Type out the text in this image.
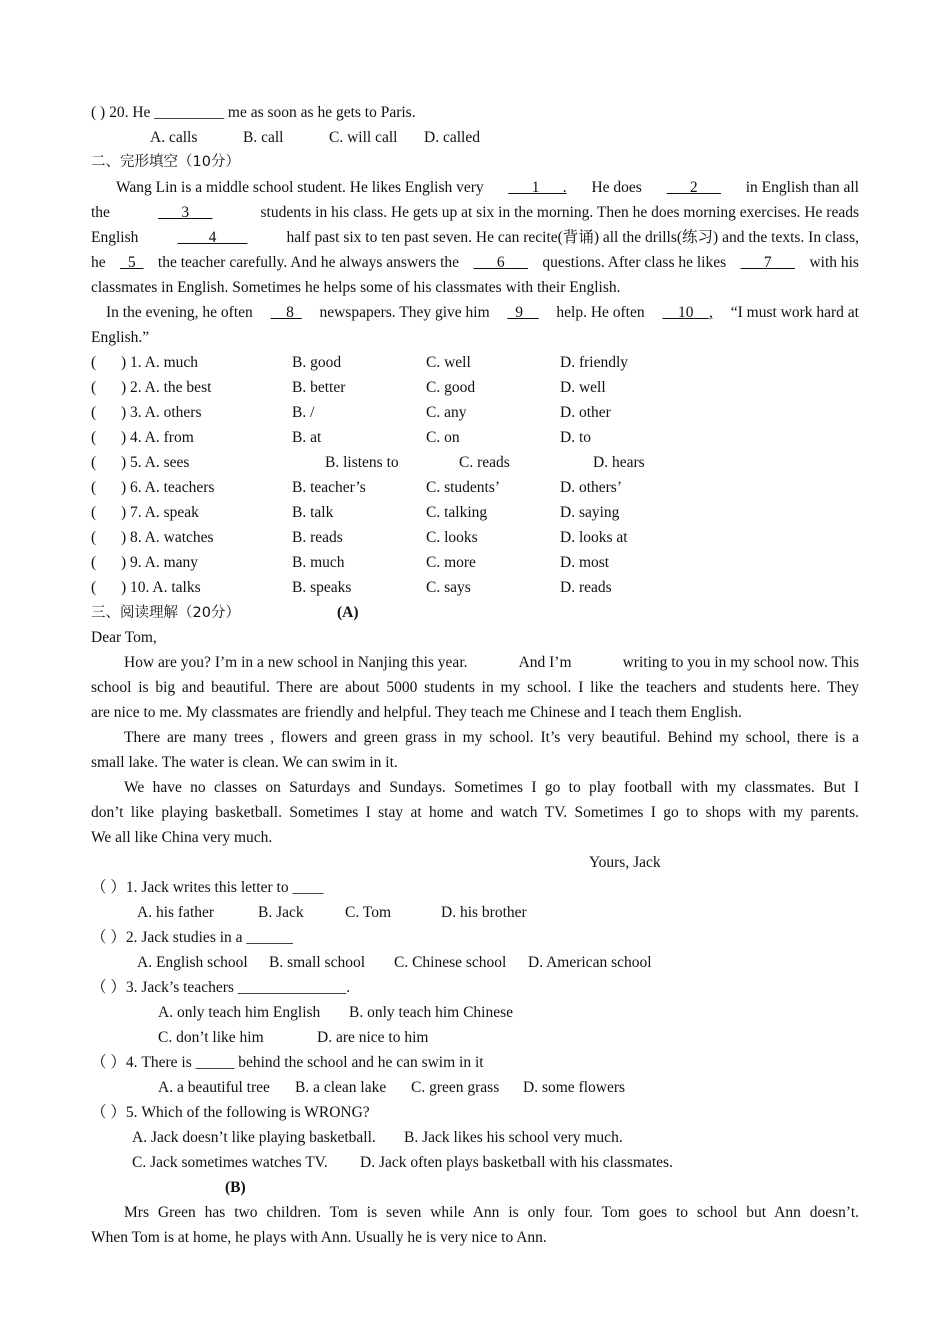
( ) 20. He _________ me as soon as he gets to Paris.
A. calls	B. call	C. will call D. called
二、完形填空（10分）
Wang Lin is a middle school student. He likes English very ___1___. He does ___2___ in English than all
the	___3___	students in his class. He gets up at six in the morning. Then he does morning exercises. He reads
English	____4____	half past six to ten past seven. He can recite(背诵) all the drills(练习) and the texts. In class,
he _5_ the teacher carefully. And he always answers the ___6___ questions. After class he likes ___7___ with his
classmates in English. Sometimes he helps some of his classmates with their English.
In the evening, he often __8_ newspapers. They give him _9__ help. He often __10__, “I must work hard at
English.”
( ) 1. A. much	B. good	C. well	D. friendly
( ) 2. A. the best	B. better	C. good	D. well
( ) 3. A. others	B. /	C. any	D. other
( ) 4. A. from	B. at	C. on	D. to
( ) 5. A. sees	B. listens to	C. reads	D. hears
( ) 6. A. teachers	B. teacher’s	C. students’	D. others’
( ) 7. A. speak	B. talk	C. talking	D. saying
( ) 8. A. watches	B. reads	C. looks	D. looks at
( ) 9. A. many	B. much	C. more	D. most
( ) 10. A. talks	B. speaks	C. says	D. reads
三、阅读理解（20分）	(A)
Dear Tom,
How are you? I’m in a new school in Nanjing this year.	And I’m	writing to you in my school now. This
school is big and beautiful. There are about 5000 students in my school. I like the teachers and students here. They
are nice to me. My classmates are friendly and helpful. They teach me Chinese and I teach them English.
There are many trees , flowers and green grass in my school. It’s very beautiful. Behind my school, there is a
small lake. The water is clean. We can swim in it.
We have no classes on Saturdays and Sundays. Sometimes I go to play football with my classmates. But I
don’t like playing basketball. Sometimes I stay at home and watch TV. Sometimes I go to shops with my parents.
We all like China very much.
Yours, Jack
（ ）1. Jack writes this letter to ____
A. his father	B. Jack	C. Tom	D. his brother
（ ）2. Jack studies in a ______
A. English school B. small school C. Chinese school D. American school
（ ）3. Jack’s teachers ______________.
A. only teach him English B. only teach him Chinese
C. don’t like him	D. are nice to him
（ ）4. There is _____ behind the school and he can swim in it
A. a beautiful tree B. a clean lake C. green grass D. some flowers
（ ）5. Which of the following is WRONG?
A. Jack doesn’t like playing basketball. B. Jack likes his school very much.
C. Jack sometimes watches TV. D. Jack often plays basketball with his classmates.
(B)
Mrs Green has two children. Tom is seven while Ann is only four. Tom goes to school but Ann doesn’t.
When Tom is at home, he plays with Ann. Usually he is very nice to Ann.
